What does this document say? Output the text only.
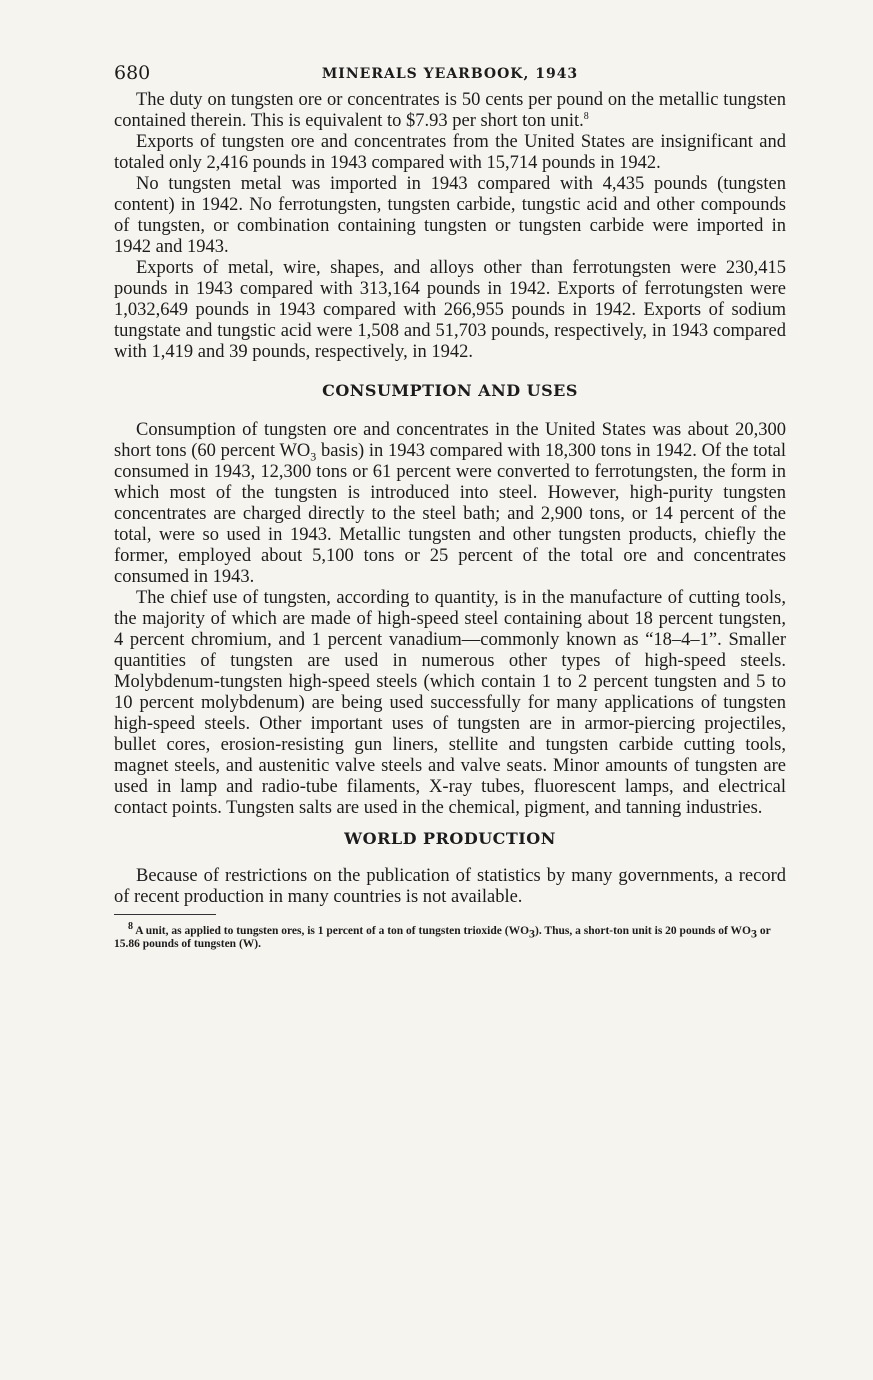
680	MINERALS YEARBOOK, 1943

The duty on tungsten ore or concentrates is 50 cents per pound on the metallic tungsten contained therein. This is equivalent to $7.93 per short ton unit.$^8$

Exports of tungsten ore and concentrates from the United States are insignificant and totaled only 2,416 pounds in 1943 compared with 15,714 pounds in 1942.

No tungsten metal was imported in 1943 compared with 4,435 pounds (tungsten content) in 1942. No ferrotungsten, tungsten carbide, tungstic acid and other compounds of tungsten, or combination containing tungsten or tungsten carbide were imported in 1942 and 1943.

Exports of metal, wire, shapes, and alloys other than ferrotungsten were 230,415 pounds in 1943 compared with 313,164 pounds in 1942. Exports of ferrotungsten were 1,032,649 pounds in 1943 compared with 266,955 pounds in 1942. Exports of sodium tungstate and tungstic acid were 1,508 and 51,703 pounds, respectively, in 1943 compared with 1,419 and 39 pounds, respectively, in 1942.

CONSUMPTION AND USES

Consumption of tungsten ore and concentrates in the United States was about 20,300 short tons (60 percent $WO_3$ basis) in 1943 compared with 18,300 tons in 1942. Of the total consumed in 1943, 12,300 tons or 61 percent were converted to ferrotungsten, the form in which most of the tungsten is introduced into steel. However, high-purity tungsten concentrates are charged directly to the steel bath; and 2,900 tons, or 14 percent of the total, were so used in 1943. Metallic tungsten and other tungsten products, chiefly the former, employed about 5,100 tons or 25 percent of the total ore and concentrates consumed in 1943.

The chief use of tungsten, according to quantity, is in the manufacture of cutting tools, the majority of which are made of high-speed steel containing about 18 percent tungsten, 4 percent chromium, and 1 percent vanadium—commonly known as “18–4–1”. Smaller quantities of tungsten are used in numerous other types of high-speed steels. Molybdenum-tungsten high-speed steels (which contain 1 to 2 percent tungsten and 5 to 10 percent molybdenum) are being used successfully for many applications of tungsten high-speed steels. Other important uses of tungsten are in armor-piercing projectiles, bullet cores, erosion-resisting gun liners, stellite and tungsten carbide cutting tools, magnet steels, and austenitic valve steels and valve seats. Minor amounts of tungsten are used in lamp and radio-tube filaments, X-ray tubes, fluorescent lamps, and electrical contact points. Tungsten salts are used in the chemical, pigment, and tanning industries.

WORLD PRODUCTION

Because of restrictions on the publication of statistics by many governments, a record of recent production in many countries is not available.

8 A unit, as applied to tungsten ores, is 1 percent of a ton of tungsten trioxide (WO3). Thus, a short-ton unit is 20 pounds of WO3 or 15.86 pounds of tungsten (W).
